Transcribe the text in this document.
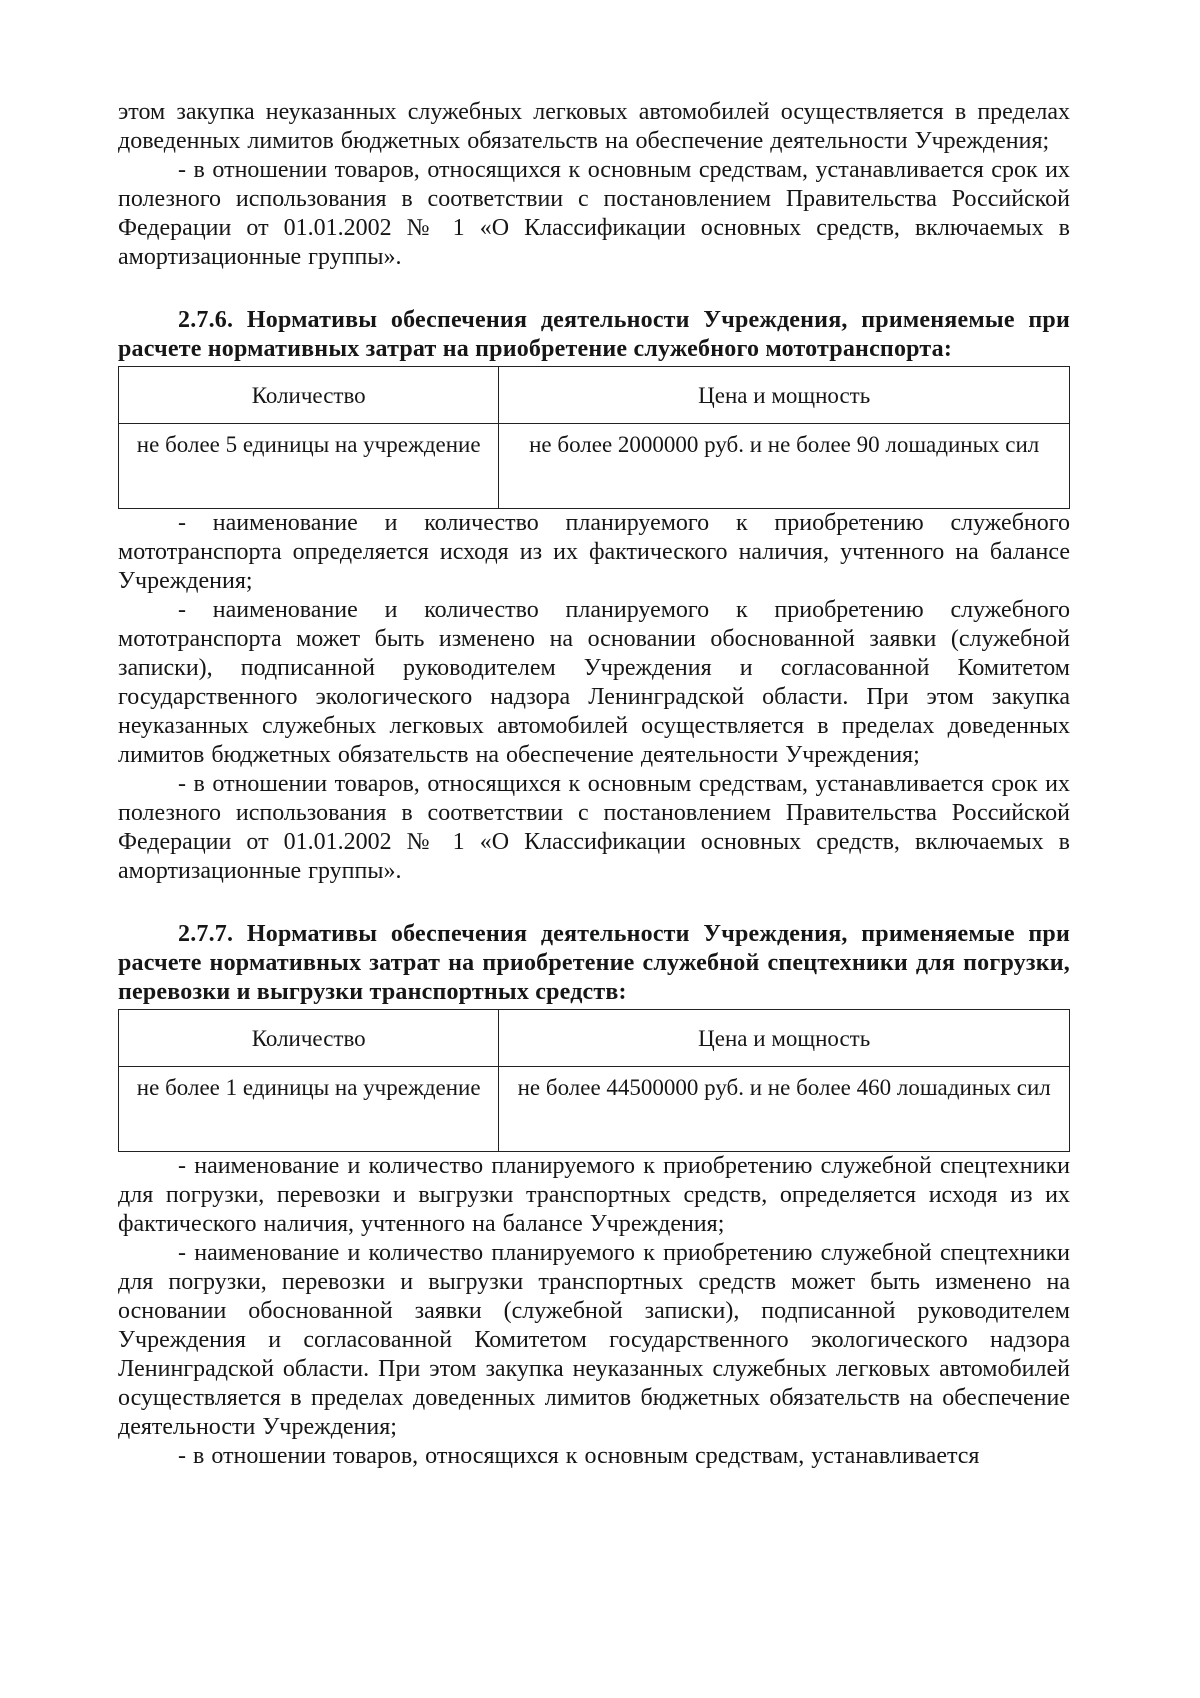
этом закупка неуказанных служебных легковых автомобилей осуществляется в пределах доведенных лимитов бюджетных обязательств на обеспечение деятельности Учреждения;

- в отношении товаров, относящихся к основным средствам, устанавливается срок их полезного использования в соответствии с постановлением Правительства Российской Федерации от 01.01.2002 № 1 «О Классификации основных средств, включаемых в амортизационные группы».

2.7.6. Нормативы обеспечения деятельности Учреждения, применяемые при расчете нормативных затрат на приобретение служебного мототранспорта:

Количество	Цена и мощность
не более 5 единицы на учреждение	не более 2000000 руб. и не более 90 лошадиных сил

- наименование и количество планируемого к приобретению служебного мототранспорта определяется исходя из их фактического наличия, учтенного на балансе Учреждения;

- наименование и количество планируемого к приобретению служебного мототранспорта может быть изменено на основании обоснованной заявки (служебной записки), подписанной руководителем Учреждения и согласованной Комитетом государственного экологического надзора Ленинградской области. При этом закупка неуказанных служебных легковых автомобилей осуществляется в пределах доведенных лимитов бюджетных обязательств на обеспечение деятельности Учреждения;

- в отношении товаров, относящихся к основным средствам, устанавливается срок их полезного использования в соответствии с постановлением Правительства Российской Федерации от 01.01.2002 № 1 «О Классификации основных средств, включаемых в амортизационные группы».

2.7.7. Нормативы обеспечения деятельности Учреждения, применяемые при расчете нормативных затрат на приобретение служебной спецтехники для погрузки, перевозки и выгрузки транспортных средств:

Количество	Цена и мощность
не более 1 единицы на учреждение	не более 44500000 руб. и не более 460 лошадиных сил

- наименование и количество планируемого к приобретению служебной спецтехники для погрузки, перевозки и выгрузки транспортных средств, определяется исходя из их фактического наличия, учтенного на балансе Учреждения;

- наименование и количество планируемого к приобретению служебной спецтехники для погрузки, перевозки и выгрузки транспортных средств может быть изменено на основании обоснованной заявки (служебной записки), подписанной руководителем Учреждения и согласованной Комитетом государственного экологического надзора Ленинградской области. При этом закупка неуказанных служебных легковых автомобилей осуществляется в пределах доведенных лимитов бюджетных обязательств на обеспечение деятельности Учреждения;

- в отношении товаров, относящихся к основным средствам, устанавливается
